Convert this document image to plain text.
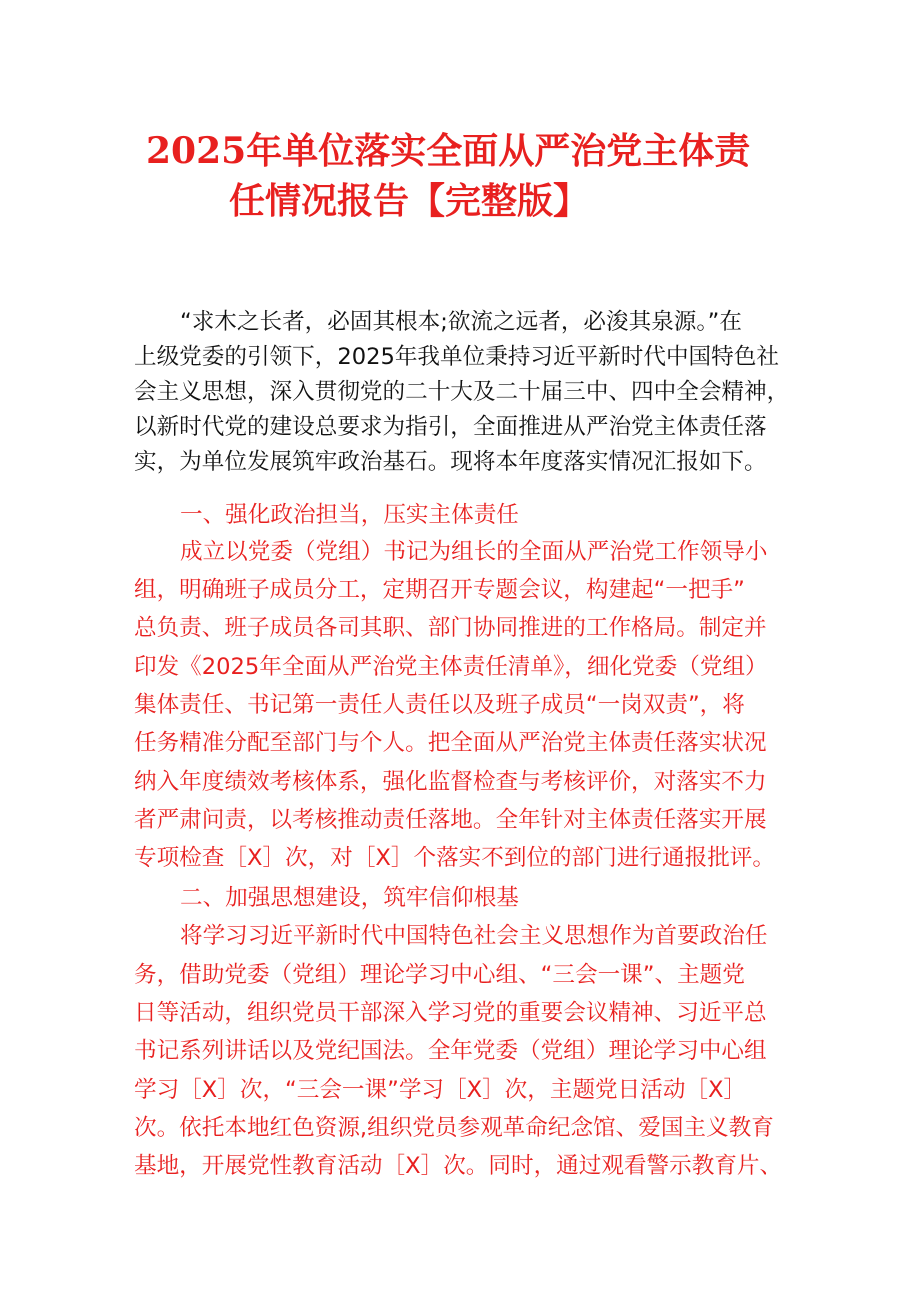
2025年单位落实全面从严治党主体责
任情况报告【完整版】
“求木之长者，必固其根本;欲流之远者，必浚其泉源。”在
上级党委的引领下，2025年我单位秉持习近平新时代中国特色社
会主义思想，深入贯彻党的二十大及二十届三中、四中全会精神，
以新时代党的建设总要求为指引，全面推进从严治党主体责任落
实，为单位发展筑牢政治基石。现将本年度落实情况汇报如下。
一、强化政治担当，压实主体责任
成立以党委（党组）书记为组长的全面从严治党工作领导小
组，明确班子成员分工，定期召开专题会议，构建起“一把手”
总负责、班子成员各司其职、部门协同推进的工作格局。制定并
印发《2025年全面从严治党主体责任清单》，细化党委（党组）
集体责任、书记第一责任人责任以及班子成员“一岗双责”，将
任务精准分配至部门与个人。把全面从严治党主体责任落实状况
纳入年度绩效考核体系，强化监督检查与考核评价，对落实不力
者严肃问责，以考核推动责任落地。全年针对主体责任落实开展
专项检查［X］次，对［X］个落实不到位的部门进行通报批评。
二、加强思想建设，筑牢信仰根基
将学习习近平新时代中国特色社会主义思想作为首要政治任
务，借助党委（党组）理论学习中心组、“三会一课”、主题党
日等活动，组织党员干部深入学习党的重要会议精神、习近平总
书记系列讲话以及党纪国法。全年党委（党组）理论学习中心组
学习［X］次，“三会一课”学习［X］次，主题党日活动［X］
次。依托本地红色资源,组织党员参观革命纪念馆、爱国主义教育
基地，开展党性教育活动［X］次。同时，通过观看警示教育片、
